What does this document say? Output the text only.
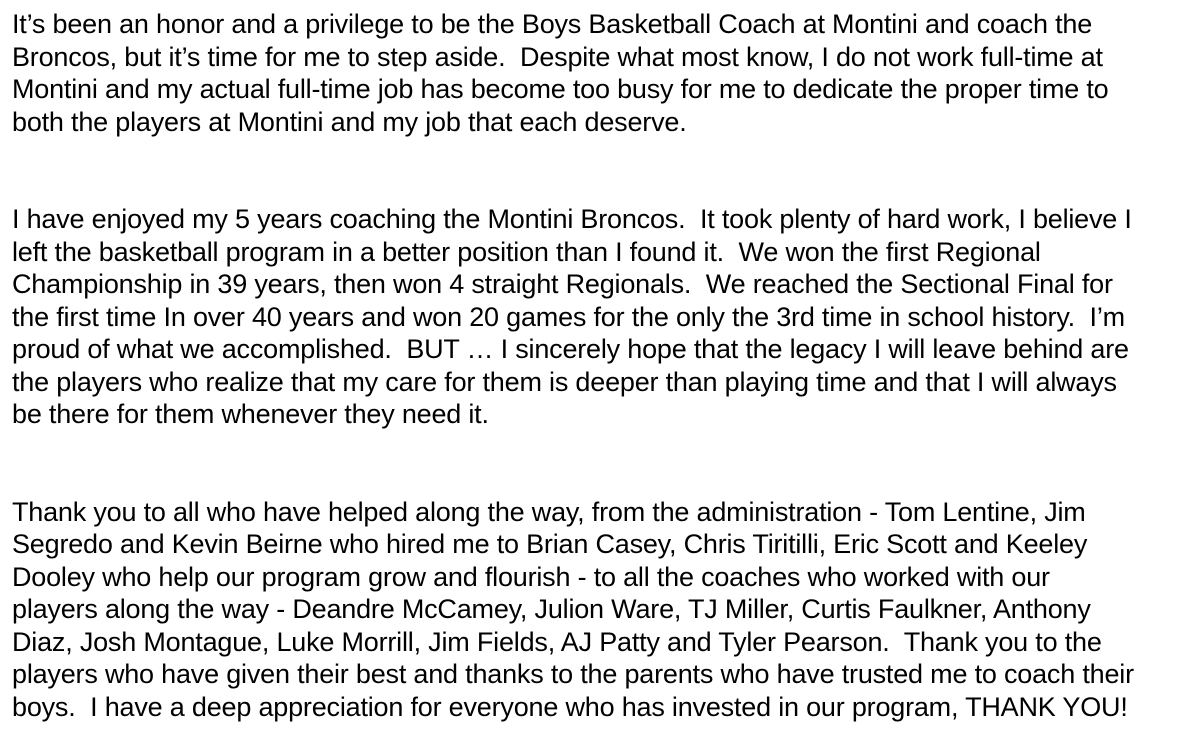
It’s been an honor and a privilege to be the Boys Basketball Coach at Montini and coach the
Broncos, but it’s time for me to step aside.  Despite what most know, I do not work full-time at
Montini and my actual full-time job has become too busy for me to dedicate the proper time to
both the players at Montini and my job that each deserve.
I have enjoyed my 5 years coaching the Montini Broncos.  It took plenty of hard work, I believe I
left the basketball program in a better position than I found it.  We won the first Regional
Championship in 39 years, then won 4 straight Regionals.  We reached the Sectional Final for
the first time In over 40 years and won 20 games for the only the 3rd time in school history.  I’m
proud of what we accomplished.  BUT … I sincerely hope that the legacy I will leave behind are
the players who realize that my care for them is deeper than playing time and that I will always
be there for them whenever they need it.
Thank you to all who have helped along the way, from the administration - Tom Lentine, Jim
Segredo and Kevin Beirne who hired me to Brian Casey, Chris Tiritilli, Eric Scott and Keeley
Dooley who help our program grow and flourish - to all the coaches who worked with our
players along the way - Deandre McCamey, Julion Ware, TJ Miller, Curtis Faulkner, Anthony
Diaz, Josh Montague, Luke Morrill, Jim Fields, AJ Patty and Tyler Pearson.  Thank you to the
players who have given their best and thanks to the parents who have trusted me to coach their
boys.  I have a deep appreciation for everyone who has invested in our program, THANK YOU!
